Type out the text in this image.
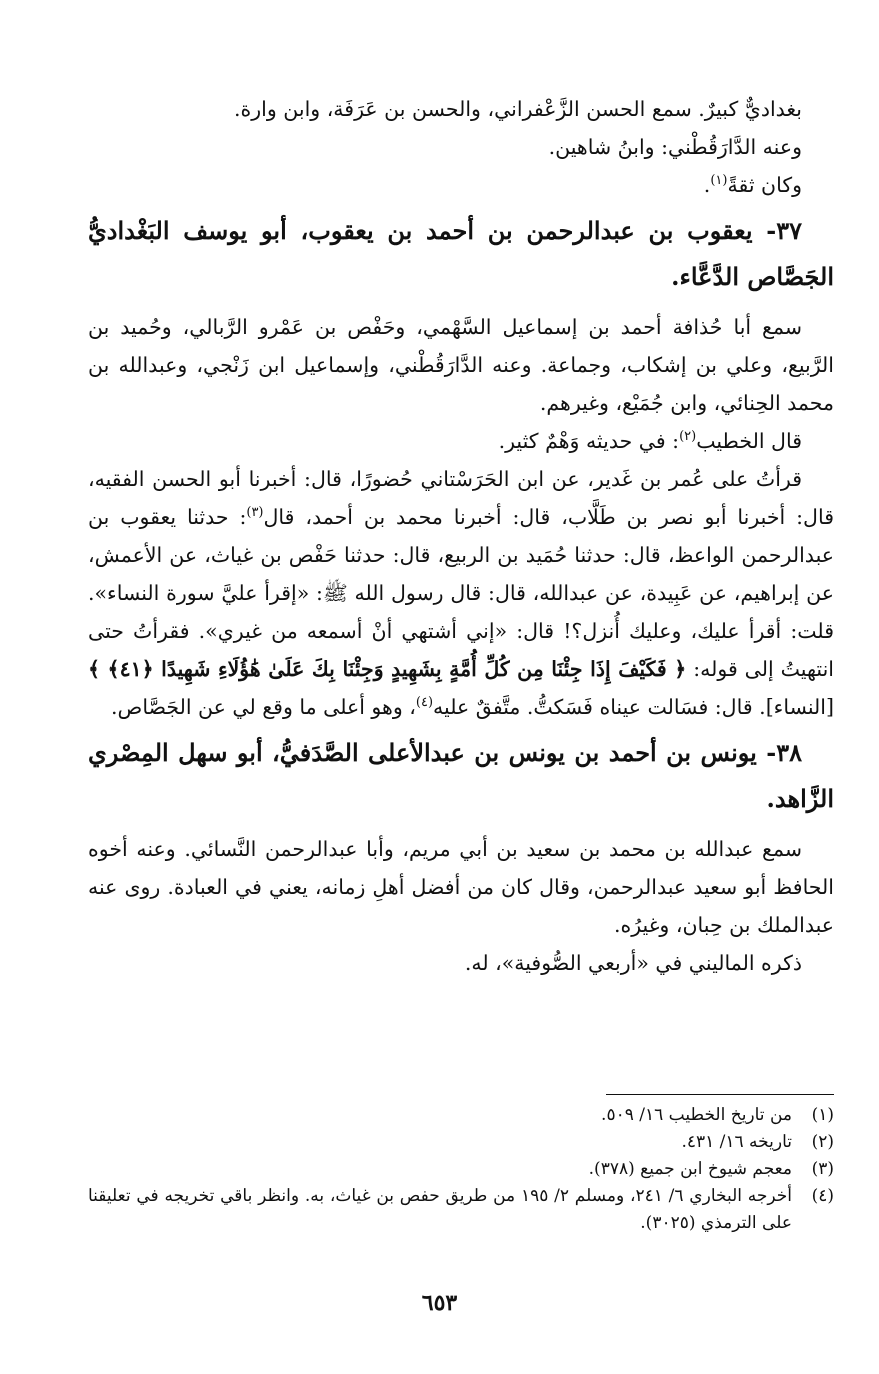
بغداديٌّ كبيرٌ. سمع الحسن الزَّعْفراني، والحسن بن عَرَفَة، وابن وارة.

وعنه الدَّارَقُطْني: وابنُ شاهين.

وكان ثقةً$^{(١)}$.

٣٧- يعقوب بن عبدالرحمن بن أحمد بن يعقوب، أبو يوسف البَغْداديُّ الجَصَّاص الدَّعَّاء.

سمع أبا حُذافة أحمد بن إسماعيل السَّهْمي، وحَفْص بن عَمْرو الرَّبالي، وحُميد بن الرَّبيع، وعلي بن إشكاب، وجماعة. وعنه الدَّارَقُطْني، وإسماعيل ابن زَنْجي، وعبدالله بن محمد الحِنائي، وابن جُمَيْع، وغيرهم.

قال الخطيب$^{(٢)}$: في حديثه وَهْمٌ كثير.

قرأتُ على عُمر بن غَدير، عن ابن الحَرَسْتاني حُضورًا، قال: أخبرنا أبو الحسن الفقيه، قال: أخبرنا أبو نصر بن طَلَّاب، قال: أخبرنا محمد بن أحمد، قال$^{(٣)}$: حدثنا يعقوب بن عبدالرحمن الواعظ، قال: حدثنا حُمَيد بن الربيع، قال: حدثنا حَفْص بن غياث، عن الأعمش، عن إبراهيم، عن عَبِيدة، عن عبدالله، قال: قال رسول الله ﷺ: «إقرأ عليَّ سورة النساء». قلت: أقرأ عليك، وعليك أُنزل؟! قال: «إني أشتهي أنْ أسمعه من غيري». فقرأتُ حتى انتهيتُ إلى قوله: ﴿ فَكَيْفَ إِذَا جِئْنَا مِن كُلِّ أُمَّةٍ بِشَهِيدٍ وَجِئْنَا بِكَ عَلَىٰ هَٰؤُلَاءِ شَهِيدًا ﴿٤١﴾ ﴾ [النساء]. قال: فسَالت عيناه فَسَكتُّ. متَّفقٌ عليه$^{(٤)}$، وهو أعلى ما وقع لي عن الجَصَّاص.

٣٨- يونس بن أحمد بن يونس بن عبدالأعلى الصَّدَفيُّ، أبو سهل المِصْري الزَّاهد.

سمع عبدالله بن محمد بن سعيد بن أبي مريم، وأبا عبدالرحمن النَّسائي. وعنه أخوه الحافظ أبو سعيد عبدالرحمن، وقال كان من أفضل أهلِ زمانه، يعني في العبادة. روى عنه عبدالملك بن حِبان، وغيرُه.

ذكره الماليني في «أربعي الصُّوفية»، له.

(١)
من تاريخ الخطيب ١٦/ ٥٠٩.
(٢)
تاريخه ١٦/ ٤٣١.
(٣)
معجم شيوخ ابن جميع (٣٧٨).
(٤)
أخرجه البخاري ٦/ ٢٤١، ومسلم ٢/ ١٩٥ من طريق حفص بن غياث، به. وانظر باقي تخريجه في تعليقنا على الترمذي (٣٠٢٥).
٦٥٣
